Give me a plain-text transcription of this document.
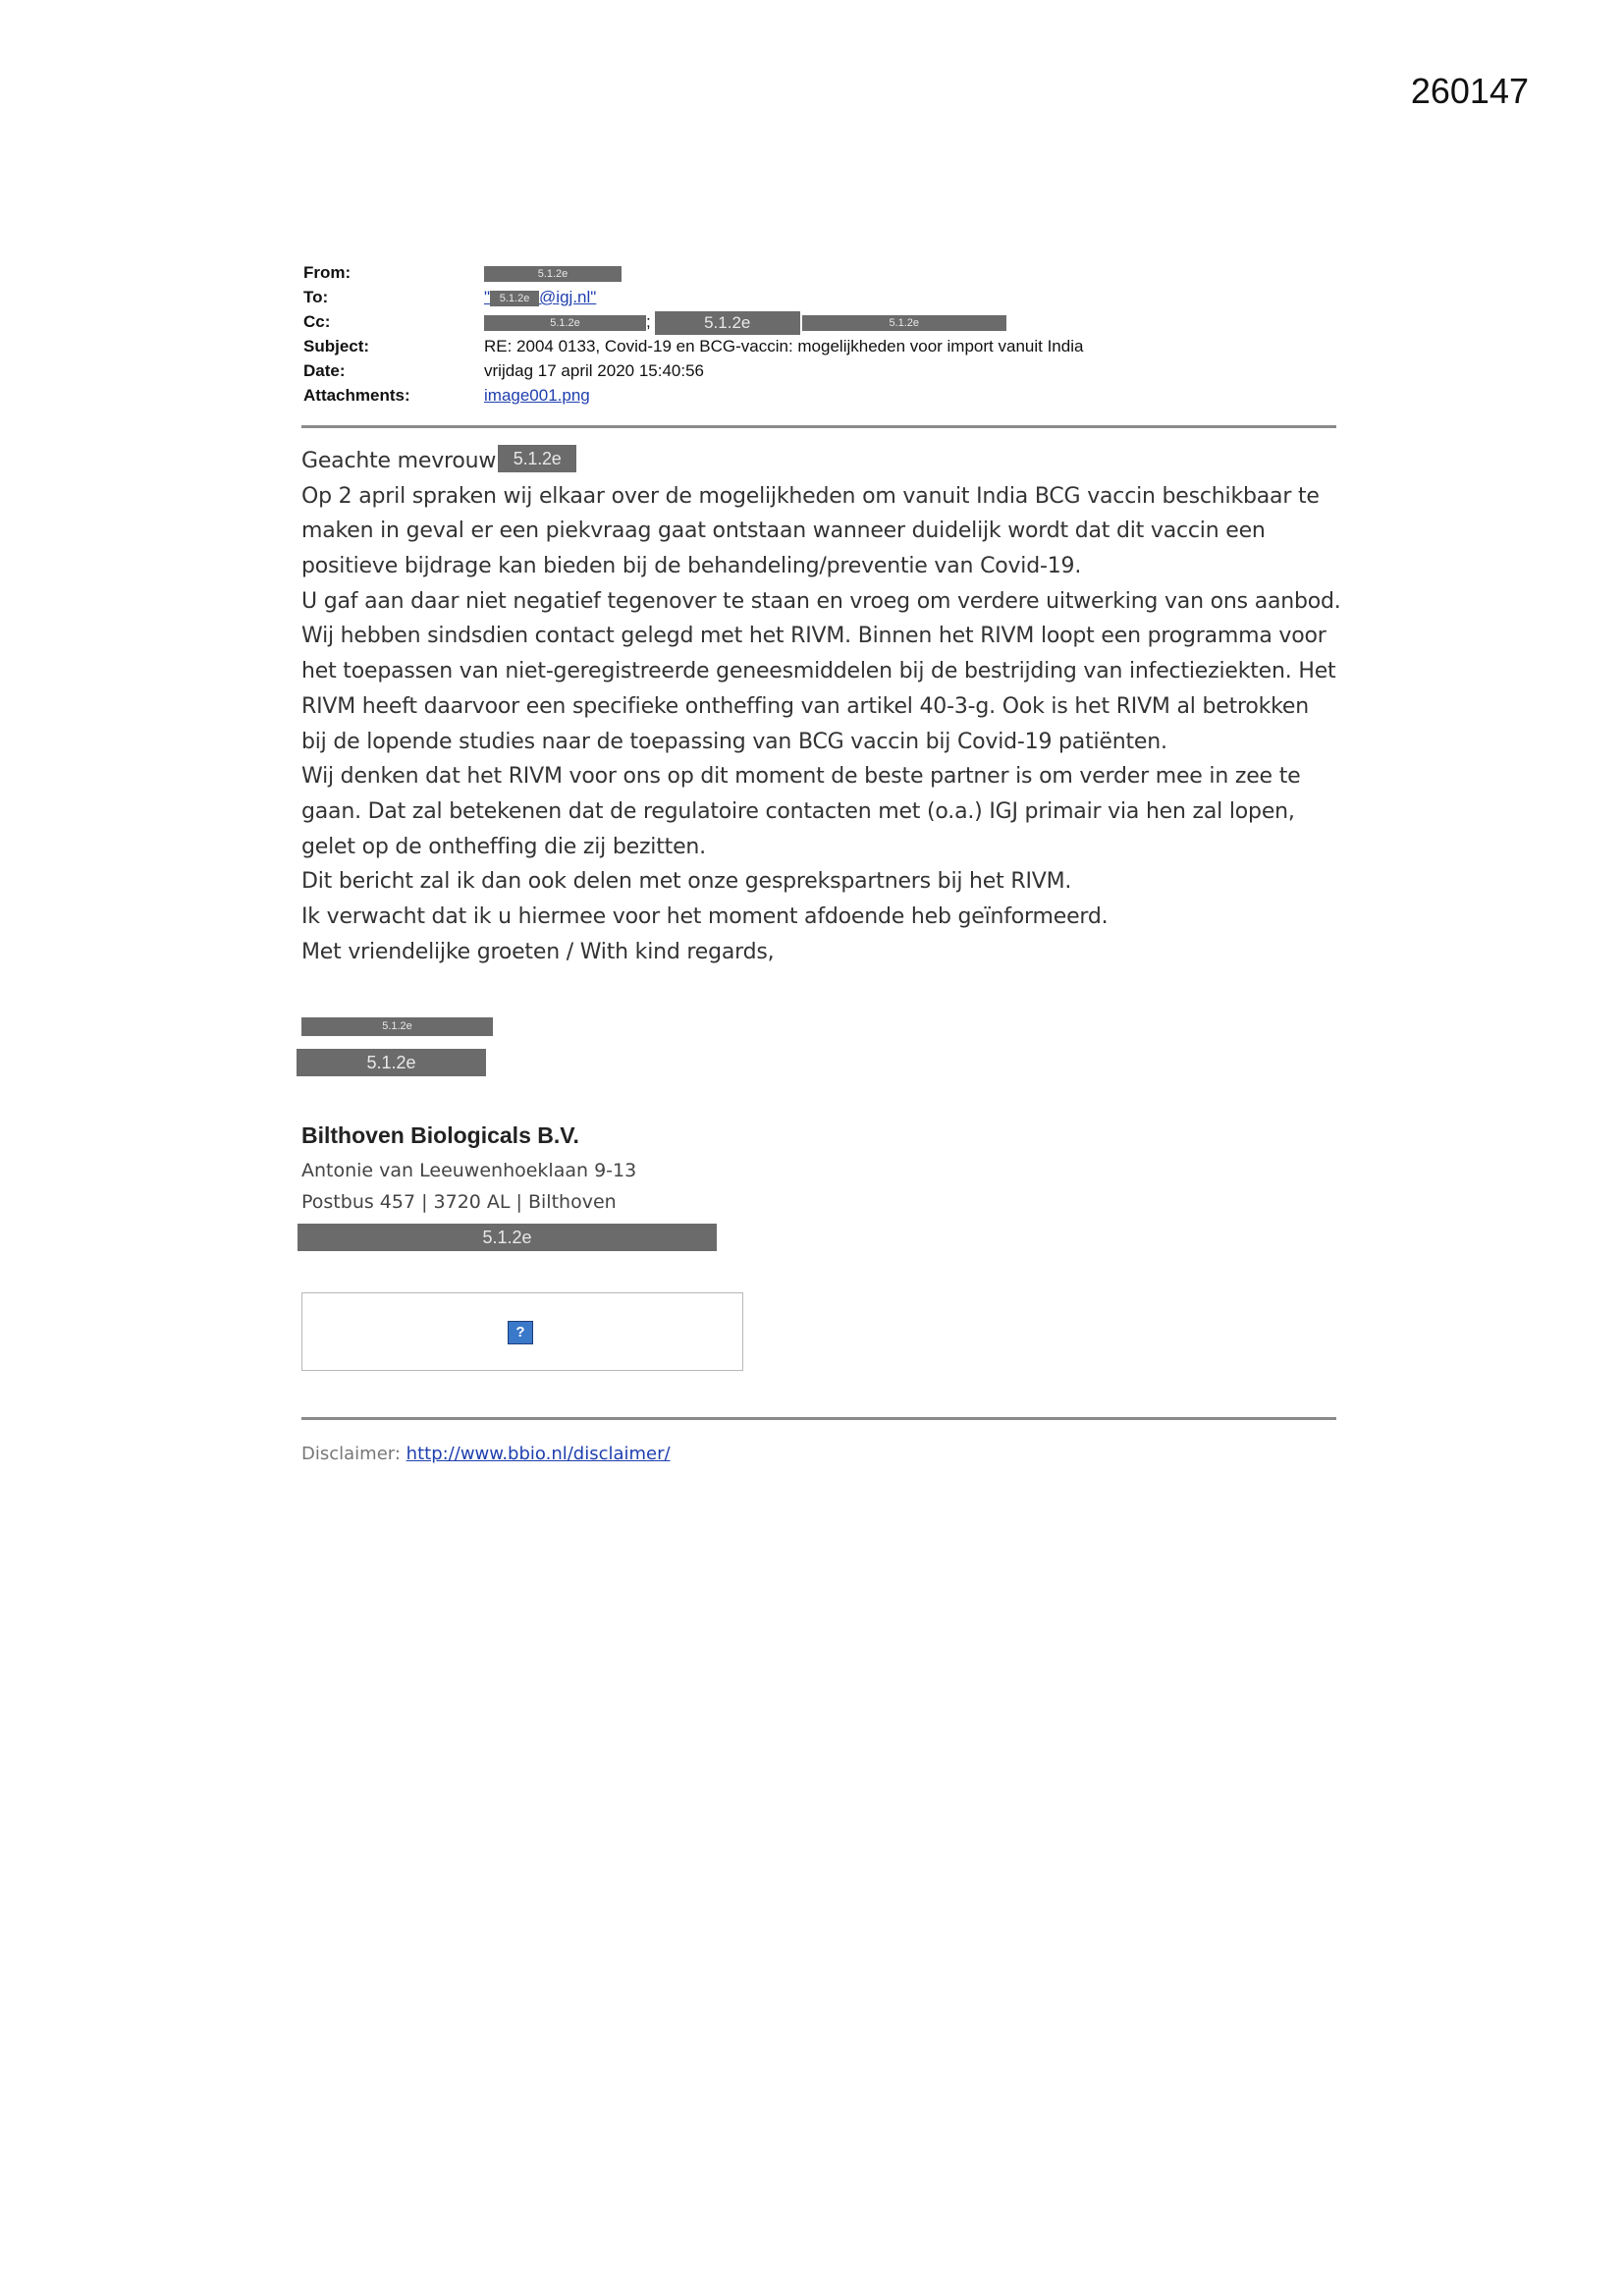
260147
From:	5.1.2e
To:	" 5.1.2e @igj.nl"
Cc:	5.1.2e	;	5.1.2e	5.1.2e
Subject:	RE: 2004 0133, Covid-19 en BCG-vaccin: mogelijkheden voor import vanuit India
Date:	vrijdag 17 april 2020 15:40:56
Attachments:	image001.png
Geachte mevrouw 5.1.2e
Op 2 april spraken wij elkaar over de mogelijkheden om vanuit India BCG vaccin beschikbaar te
maken in geval er een piekvraag gaat ontstaan wanneer duidelijk wordt dat dit vaccin een
positieve bijdrage kan bieden bij de behandeling/preventie van Covid-19.
U gaf aan daar niet negatief tegenover te staan en vroeg om verdere uitwerking van ons aanbod.
Wij hebben sindsdien contact gelegd met het RIVM. Binnen het RIVM loopt een programma voor
het toepassen van niet-geregistreerde geneesmiddelen bij de bestrijding van infectieziekten. Het
RIVM heeft daarvoor een specifieke ontheffing van artikel 40-3-g. Ook is het RIVM al betrokken
bij de lopende studies naar de toepassing van BCG vaccin bij Covid-19 patiënten.
Wij denken dat het RIVM voor ons op dit moment de beste partner is om verder mee in zee te
gaan. Dat zal betekenen dat de regulatoire contacten met (o.a.) IGJ primair via hen zal lopen,
gelet op de ontheffing die zij bezitten.
Dit bericht zal ik dan ook delen met onze gesprekspartners bij het RIVM.
Ik verwacht dat ik u hiermee voor het moment afdoende heb geïnformeerd.
Met vriendelijke groeten / With kind regards,
5.1.2e
5.1.2e
Bilthoven Biologicals B.V.
Antonie van Leeuwenhoeklaan 9-13
Postbus 457 | 3720 AL | Bilthoven
5.1.2e
?
Disclaimer: http://www.bbio.nl/disclaimer/
